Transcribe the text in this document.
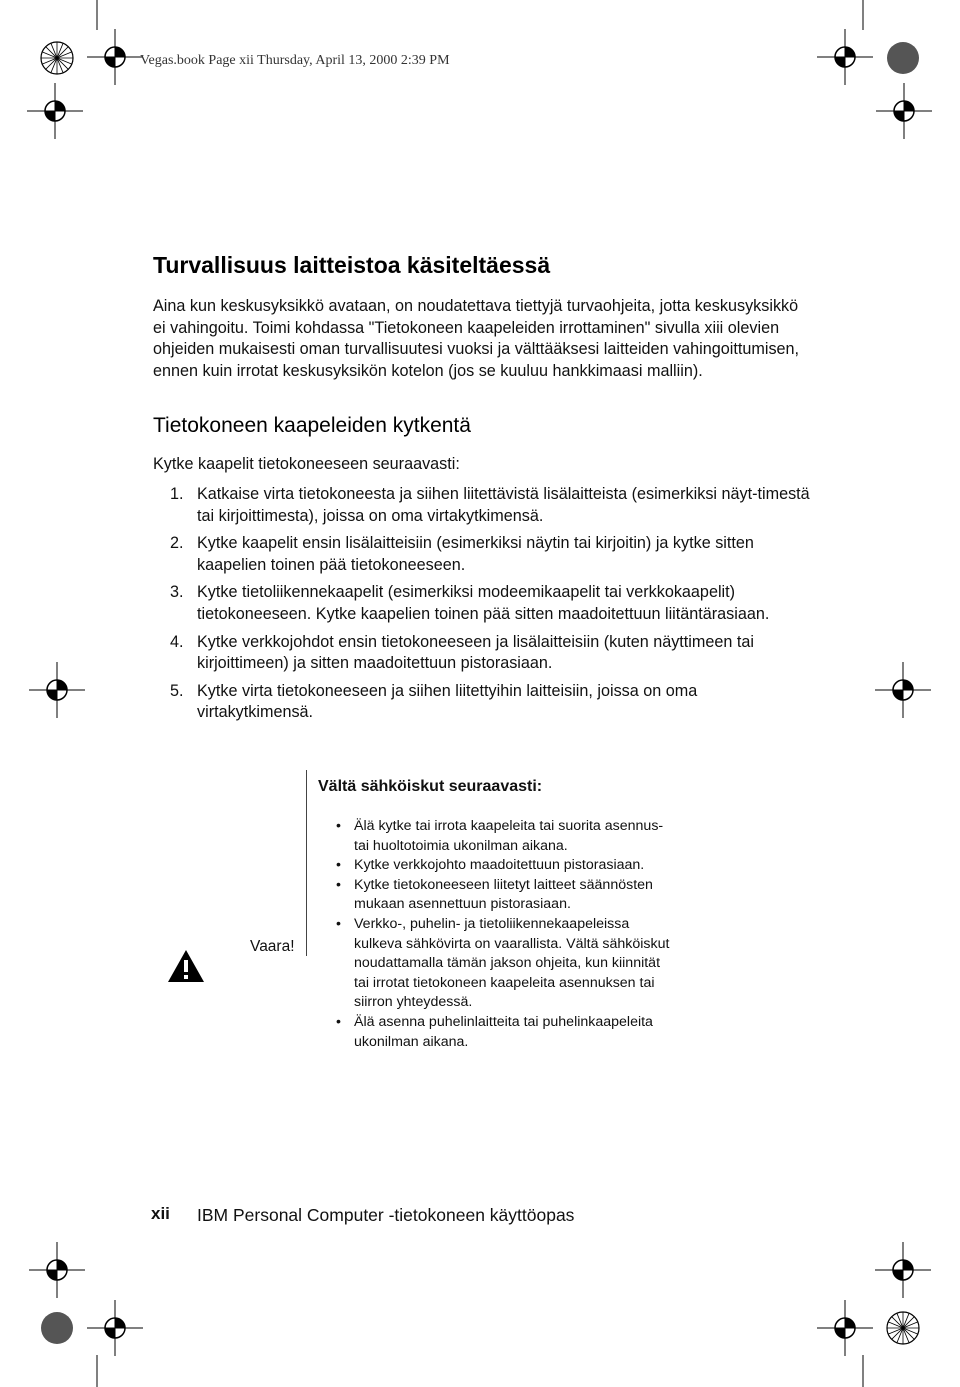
Vegas.book Page xii Thursday, April 13, 2000 2:39 PM
Turvallisuus laitteistoa käsiteltäessä

Aina kun keskusyksikkö avataan, on noudatettava tiettyjä turvaohjeita, jotta keskusyksikkö ei vahingoitu. Toimi kohdassa "Tietokoneen kaapeleiden irrottaminen" sivulla xiii olevien ohjeiden mukaisesti oman turvallisuutesi vuoksi ja välttääksesi laitteiden vahingoittumisen, ennen kuin irrotat keskusyksikön kotelon (jos se kuuluu hankkimaasi malliin).

Tietokoneen kaapeleiden kytkentä

Kytke kaapelit tietokoneeseen seuraavasti:

1. Katkaise virta tietokoneesta ja siihen liitettävistä lisälaitteista (esimerkiksi näyt-timestä tai kirjoittimesta), joissa on oma virtakytkimensä.
2. Kytke kaapelit ensin lisälaitteisiin (esimerkiksi näytin tai kirjoitin) ja kytke sitten kaapelien toinen pää tietokoneeseen.
3. Kytke tietoliikennekaapelit (esimerkiksi modeemikaapelit tai verkkokaapelit) tietokoneeseen. Kytke kaapelien toinen pää sitten maadoitettuun liitäntärasiaan.
4. Kytke verkkojohdot ensin tietokoneeseen ja lisälaitteisiin (kuten näyttimeen tai kirjoittimeen) ja sitten maadoitettuun pistorasiaan.
5. Kytke virta tietokoneeseen ja siihen liitettyihin laitteisiin, joissa on oma virtakytkimensä.
Vältä sähköiskut seuraavasti:
Vaara!
• Älä kytke tai irrota kaapeleita tai suorita asennus- tai huoltotoimia ukonilman aikana.
• Kytke verkkojohto maadoitettuun pistorasiaan.
• Kytke tietokoneeseen liitetyt laitteet säännösten mukaan asennettuun pistorasiaan.
• Verkko-, puhelin- ja tietoliikennekaapeleissa kulkeva sähkövirta on vaarallista. Vältä sähköiskut noudattamalla tämän jakson ohjeita, kun kiinnität tai irrotat tietokoneen kaapeleita asennuksen tai siirron yhteydessä.
• Älä asenna puhelinlaitteita tai puhelinkaapeleita ukonilman aikana.
xii IBM Personal Computer -tietokoneen käyttöopas
